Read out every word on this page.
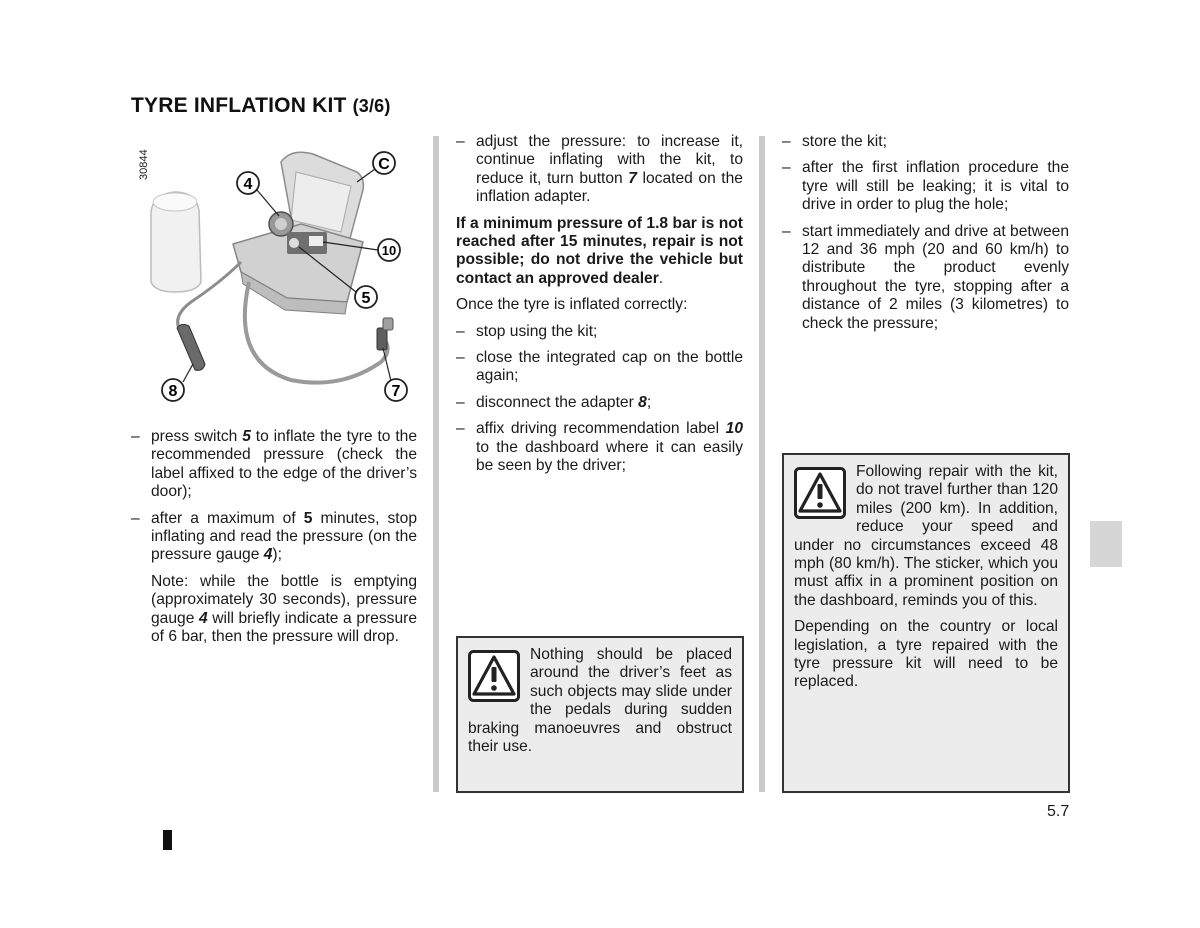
TYRE INFLATION KIT (3/6)
30844
4
C
10
5
8	7
– press switch 5 to inflate the tyre to the recommended pressure (check the label affixed to the edge of the driver’s door);
– after a maximum of 5 minutes, stop inflating and read the pressure (on the pressure gauge 4);

Note: while the bottle is emptying (approximately 30 seconds), pressure gauge 4 will briefly indicate a pressure of 6 bar, then the pressure will drop.

– adjust the pressure: to increase it, continue inflating with the kit, to reduce it, turn button 7 located on the inflation adapter.

If a minimum pressure of 1.8 bar is not reached after 15 minutes, repair is not possible; do not drive the vehicle but contact an approved dealer.

Once the tyre is inflated correctly:

– stop using the kit;
– close the integrated cap on the bottle again;
– disconnect the adapter 8;
– affix driving recommendation label 10 to the dashboard where it can easily be seen by the driver;

Nothing should be placed around the driver’s feet as such objects may slide under the pedals during sudden braking manoeuvres and obstruct their use.

– store the kit;
– after the first inflation procedure the tyre will still be leaking; it is vital to drive in order to plug the hole;
– start immediately and drive at between 12 and 36 mph (20 and 60 km/h) to distribute the product evenly throughout the tyre, stopping after a distance of 2 miles (3 kilometres) to check the pressure;

Following repair with the kit, do not travel further than 120 miles (200 km). In addition, reduce your speed and under no circumstances exceed 48 mph (80 km/h). The sticker, which you must affix in a prominent position on the dashboard, reminds you of this.

Depending on the country or local legislation, a tyre repaired with the tyre pressure kit will need to be replaced.

5.7
